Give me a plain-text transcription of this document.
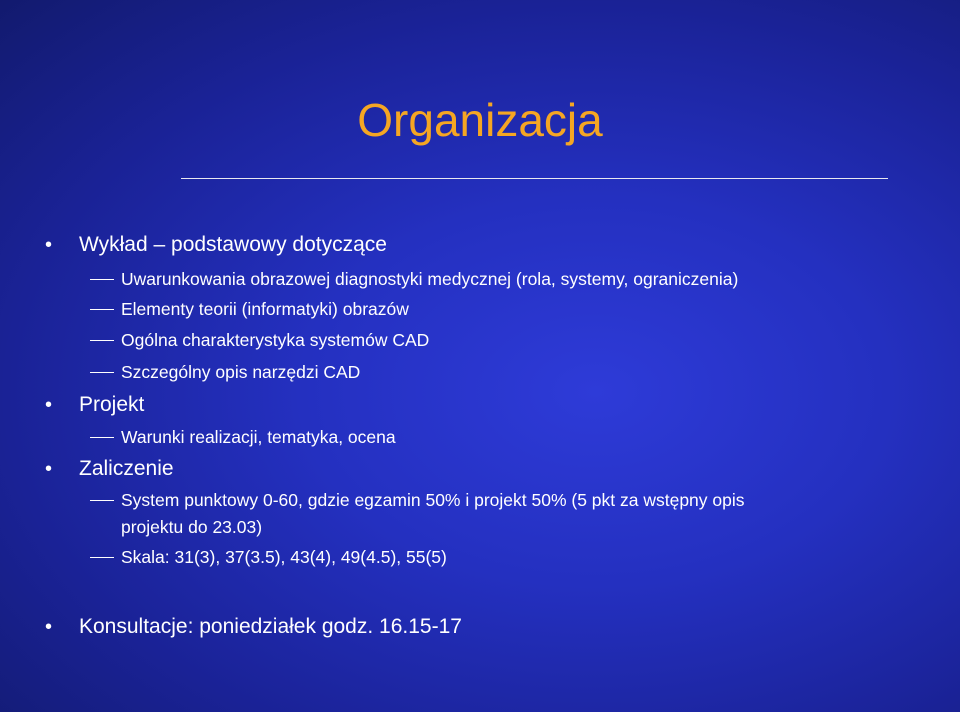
Organizacja
• Wykład – podstawowy dotyczące
Uwarunkowania obrazowej diagnostyki medycznej (rola, systemy, ograniczenia)
Elementy teorii (informatyki) obrazów
Ogólna charakterystyka systemów CAD
Szczególny opis narzędzi CAD
• Projekt
Warunki realizacji, tematyka, ocena
• Zaliczenie
System punktowy 0-60, gdzie egzamin 50% i projekt 50% (5 pkt za wstępny opis
projektu do 23.03)
Skala: 31(3), 37(3.5), 43(4), 49(4.5), 55(5)
• Konsultacje: poniedziałek godz. 16.15-17
